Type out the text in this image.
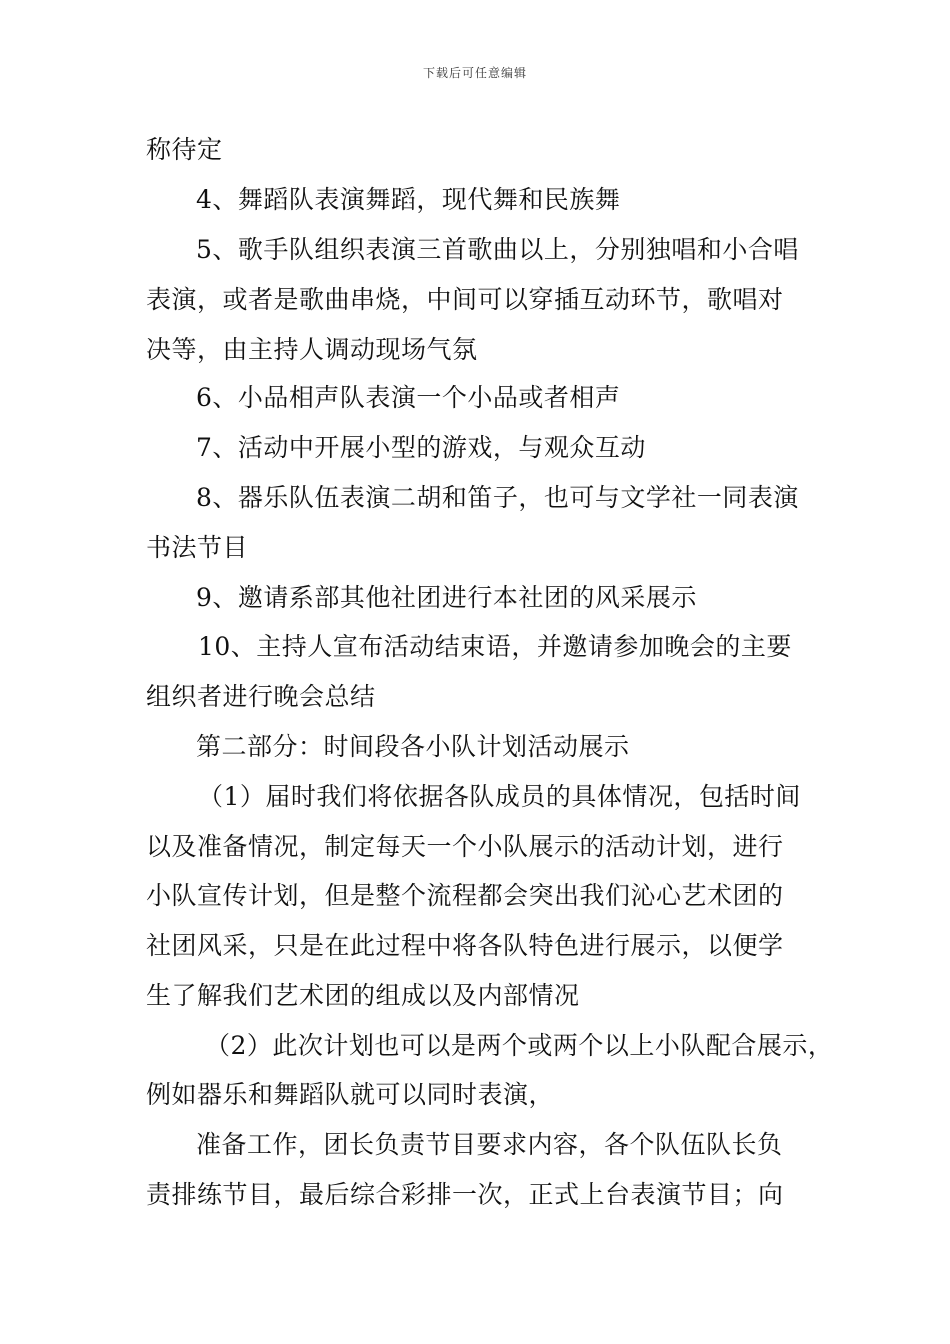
下载后可任意编辑
称待定
4、舞蹈队表演舞蹈，现代舞和民族舞
5、歌手队组织表演三首歌曲以上，分别独唱和小合唱
表演，或者是歌曲串烧，中间可以穿插互动环节，歌唱对
决等，由主持人调动现场气氛
6、小品相声队表演一个小品或者相声
7、活动中开展小型的游戏，与观众互动
8、器乐队伍表演二胡和笛子，也可与文学社一同表演
书法节目
9、邀请系部其他社团进行本社团的风采展示
10、主持人宣布活动结束语，并邀请参加晚会的主要
组织者进行晚会总结
第二部分：时间段各小队计划活动展示
（1）届时我们将依据各队成员的具体情况，包括时间
以及准备情况，制定每天一个小队展示的活动计划，进行
小队宣传计划，但是整个流程都会突出我们沁心艺术团的
社团风采，只是在此过程中将各队特色进行展示，以便学
生了解我们艺术团的组成以及内部情况
（2）此次计划也可以是两个或两个以上小队配合展示，
例如器乐和舞蹈队就可以同时表演，
准备工作，团长负责节目要求内容，各个队伍队长负
责排练节目，最后综合彩排一次，正式上台表演节目；向
